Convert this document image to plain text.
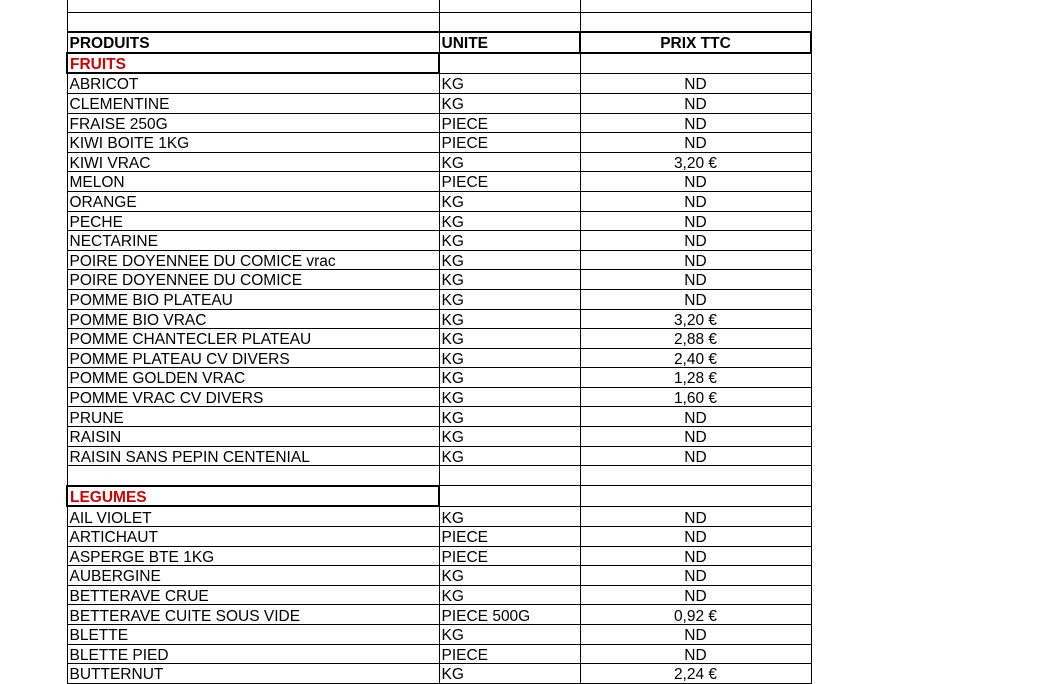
PRODUITS	UNITE	PRIX TTC
FRUITS		
ABRICOT	KG	ND
CLEMENTINE	KG	ND
FRAISE 250G	PIECE	ND
KIWI BOITE 1KG	PIECE	ND
KIWI VRAC	KG	3,20 €
MELON	PIECE	ND
ORANGE	KG	ND
PECHE	KG	ND
NECTARINE	KG	ND
POIRE DOYENNEE DU COMICE vrac	KG	ND
POIRE DOYENNEE DU COMICE	KG	ND
POMME BIO PLATEAU	KG	ND
POMME BIO VRAC	KG	3,20 €
POMME CHANTECLER PLATEAU	KG	2,88 €
POMME PLATEAU CV DIVERS	KG	2,40 €
POMME GOLDEN VRAC	KG	1,28 €
POMME VRAC CV DIVERS	KG	1,60 €
PRUNE	KG	ND
RAISIN	KG	ND
RAISIN SANS PEPIN CENTENIAL	KG	ND

LEGUMES		
AIL VIOLET	KG	ND
ARTICHAUT	PIECE	ND
ASPERGE BTE 1KG	PIECE	ND
AUBERGINE	KG	ND
BETTERAVE CRUE	KG	ND
BETTERAVE CUITE SOUS VIDE	PIECE 500G	0,92 €
BLETTE	KG	ND
BLETTE PIED	PIECE	ND
BUTTERNUT	KG	2,24 €
